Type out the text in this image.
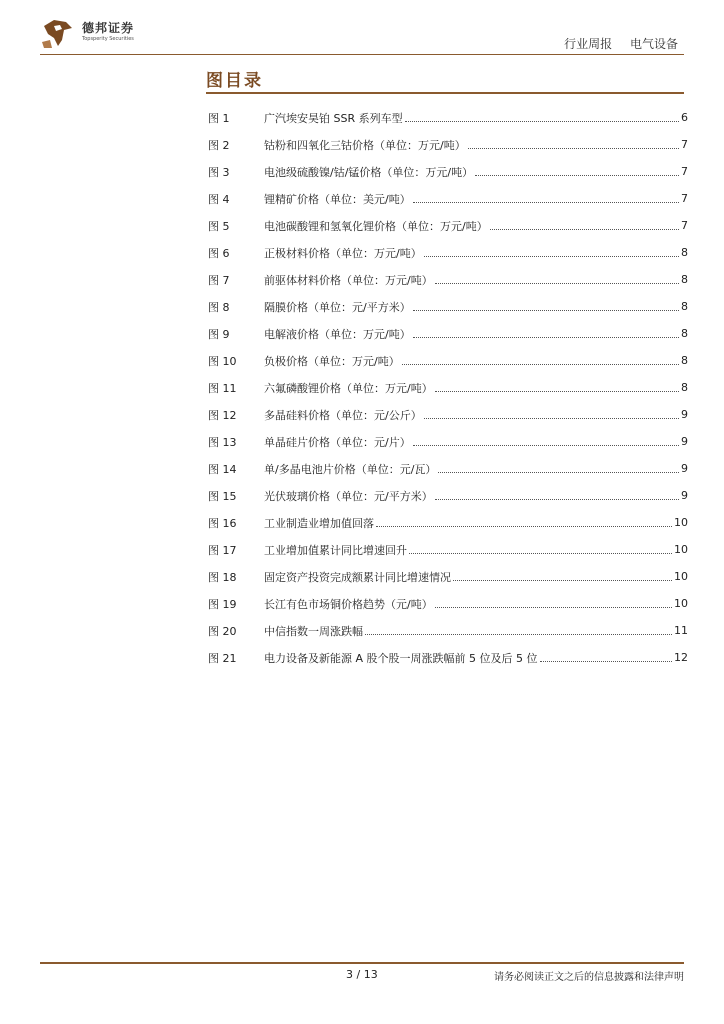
德邦证券
Topsperity Securities	行业周报 电气设备
图目录
图 1	广汽埃安昊铂 SSR 系列车型	6
图 2	钴粉和四氧化三钴价格（单位：万元/吨）	7
图 3	电池级硫酸镍/钴/锰价格（单位：万元/吨）	7
图 4	锂精矿价格（单位：美元/吨）	7
图 5	电池碳酸锂和氢氧化锂价格（单位：万元/吨）	7
图 6	正极材料价格（单位：万元/吨）	8
图 7	前驱体材料价格（单位：万元/吨）	8
图 8	隔膜价格（单位：元/平方米）	8
图 9	电解液价格（单位：万元/吨）	8
图 10	负极价格（单位：万元/吨）	8
图 11	六氟磷酸锂价格（单位：万元/吨）	8
图 12	多晶硅料价格（单位：元/公斤）	9
图 13	单晶硅片价格（单位：元/片）	9
图 14	单/多晶电池片价格（单位：元/瓦）	9
图 15	光伏玻璃价格（单位：元/平方米）	9
图 16	工业制造业增加值回落	10
图 17	工业增加值累计同比增速回升	10
图 18	固定资产投资完成额累计同比增速情况	10
图 19	长江有色市场铜价格趋势（元/吨）	10
图 20	中信指数一周涨跌幅	11
图 21	电力设备及新能源 A 股个股一周涨跌幅前 5 位及后 5 位	12
3 / 13	请务必阅读正文之后的信息披露和法律声明
